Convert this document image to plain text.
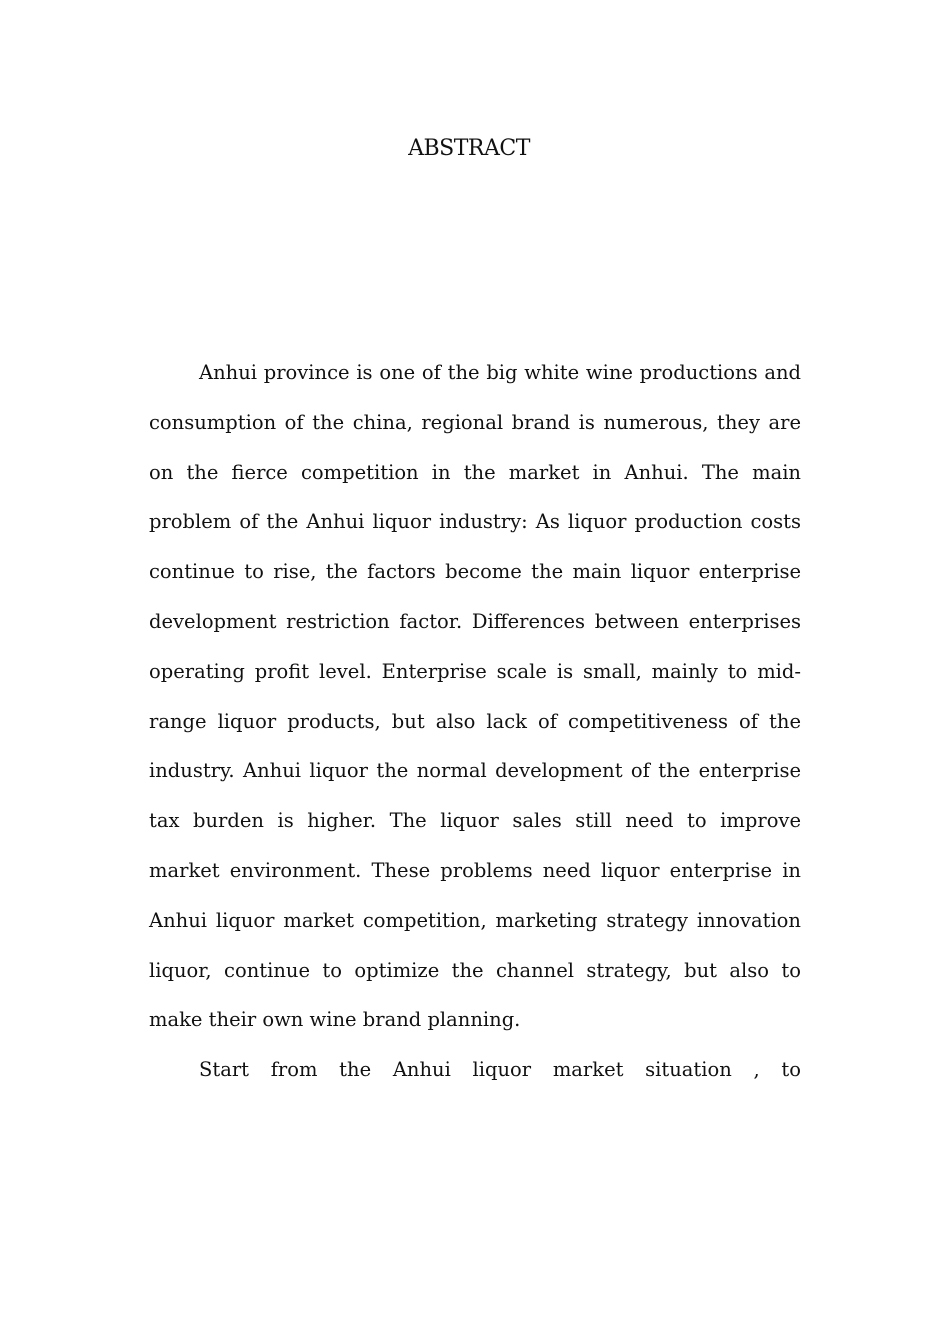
ABSTRACT

Anhui province is one of the big white wine productions and consumption of the china, regional brand is numerous, they are on the fierce competition in the market in Anhui. The main problem of the Anhui liquor industry: As liquor production costs continue to rise, the factors become the main liquor enterprise development restriction factor. Differences between enterprises operating profit level. Enterprise scale is small, mainly to mid-range liquor products, but also lack of competitiveness of the industry. Anhui liquor the normal development of the enterprise tax burden is higher. The liquor sales still need to improve market environment. These problems need liquor enterprise in Anhui liquor market competition, marketing strategy innovation liquor, continue to optimize the channel strategy, but also to make their own wine brand planning.

Start from the Anhui liquor market situation , to
